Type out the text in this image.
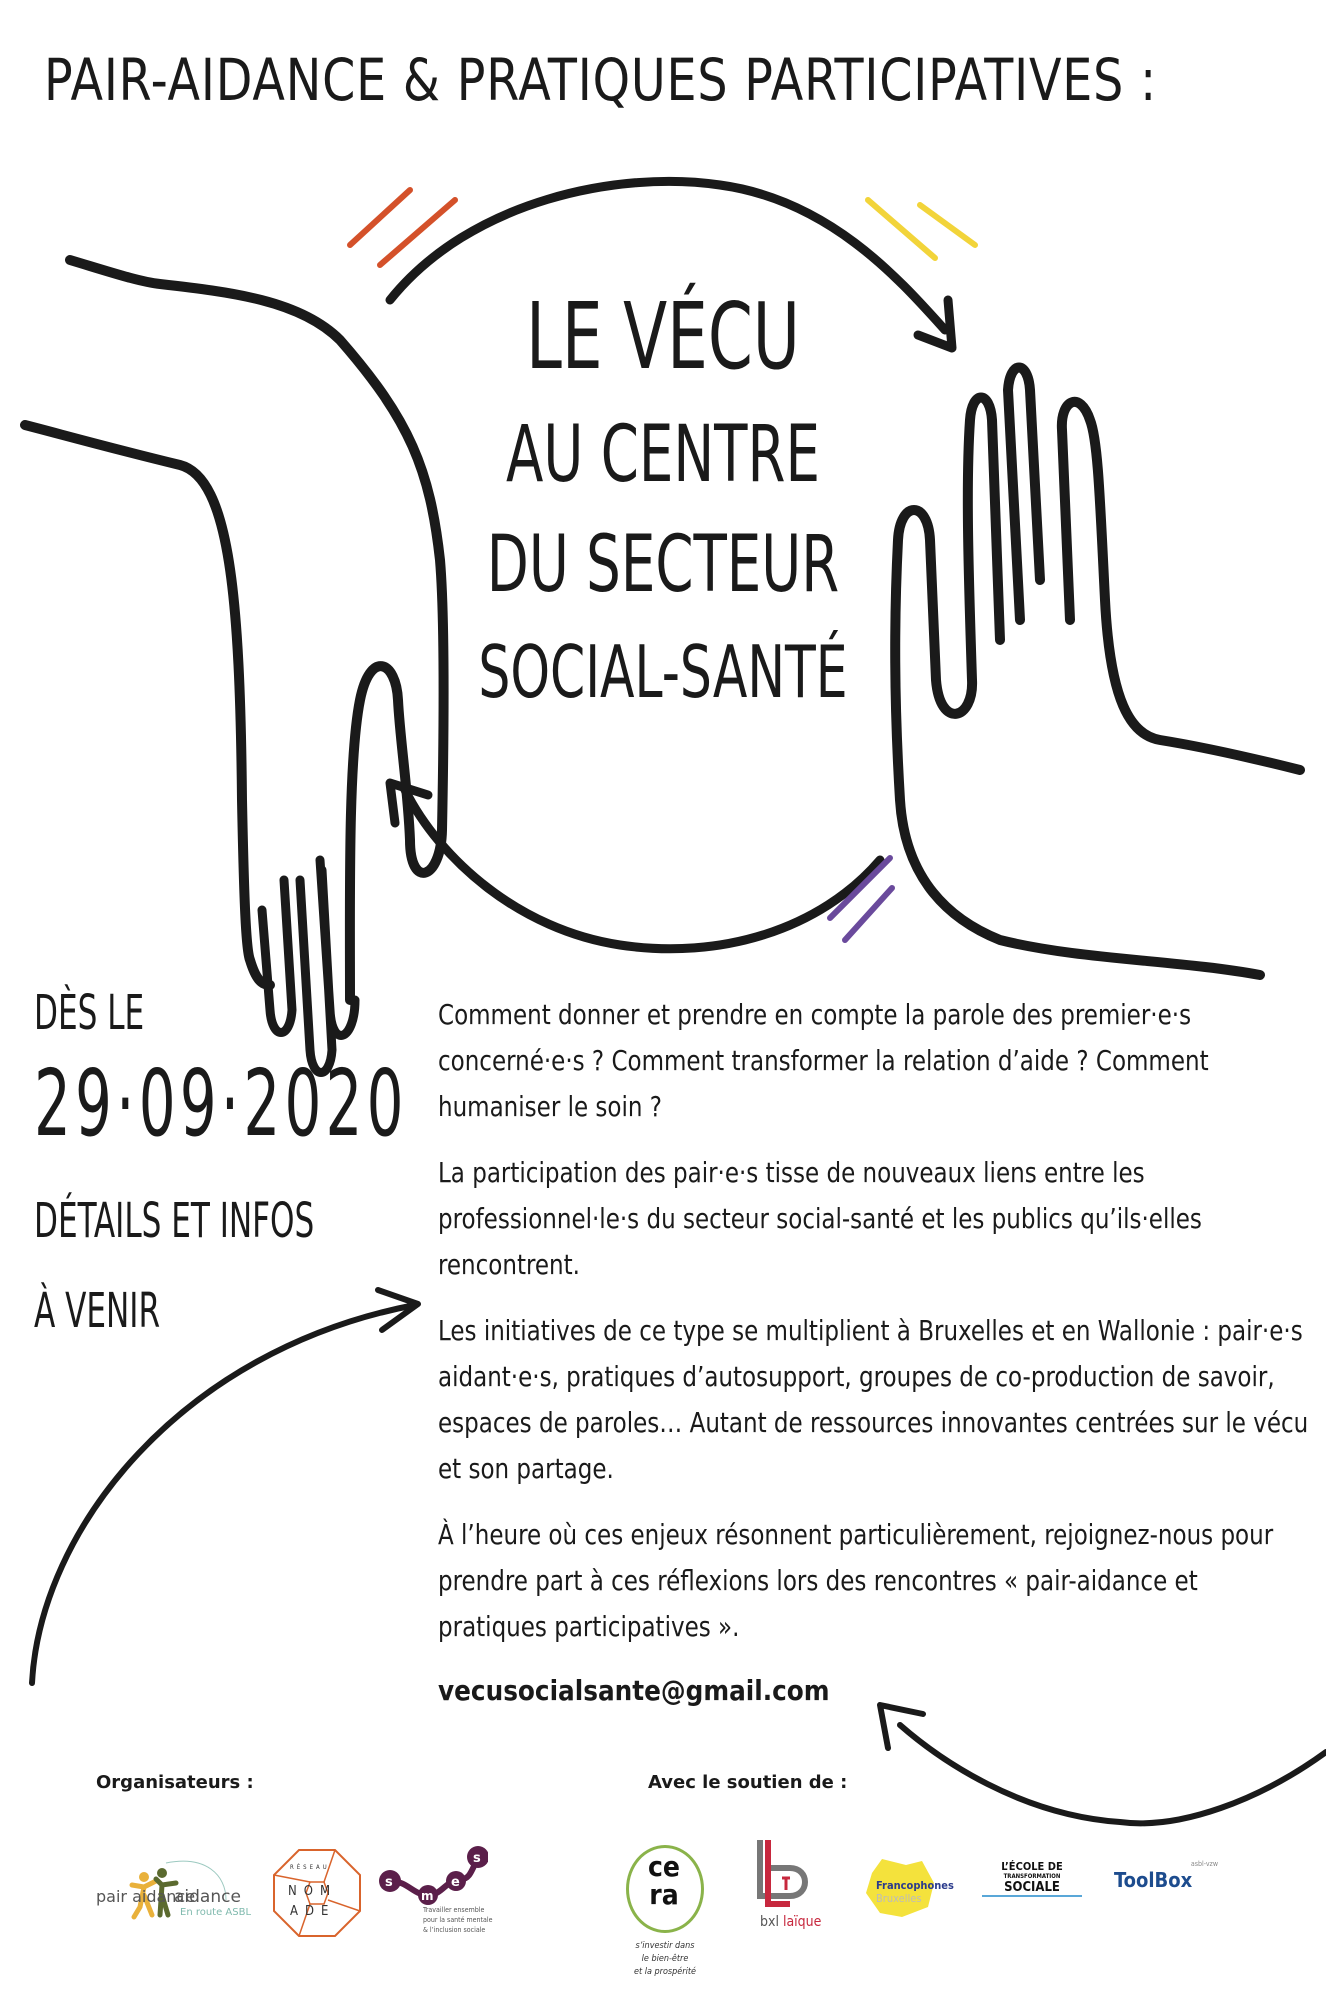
PAIR-AIDANCE & PRATIQUES PARTICIPATIVES :
LE VÉCU
AU CENTRE
DU SECTEUR
SOCIAL-SANTÉ
DÈS LE
29·09·2020
DÉTAILS ET INFOS
À VENIR

Comment donner et prendre en compte la parole des premier·e·s concerné·e·s ? Comment transformer la relation d’aide ? Comment humaniser le soin ?

La participation des pair·e·s tisse de nouveaux liens entre les professionnel·le·s du secteur social-santé et les publics qu’ils·elles rencontrent.

Les initiatives de ce type se multiplient à Bruxelles et en Wallonie : pair·e·s aidant·e·s, pratiques d’autosupport, groupes de co-production de savoir, espaces de paroles… Autant de ressources innovantes centrées sur le vécu et son partage.

À l’heure où ces enjeux résonnent particulièrement, rejoignez-nous pour prendre part à ces réflexions lors des rencontres « pair-aidance et pratiques participatives ».

vecusocialsante@gmail.com
Organisateurs :	Avec le soutien de :
pair aidance
aidance
En route ASBL
RÉSEAU
NOM
ADE
s
m
e
s
Travailler ensemble
pour la santé mentale
& l’inclusion sociale
ce
ra
s’investir dans
le bien-être
et la prospérité
bxl laïque
Francophones
Bruxelles
L’ÉCOLE DE
TRANSFORMATION
SOCIALE
asbl-vzw
ToolBox
